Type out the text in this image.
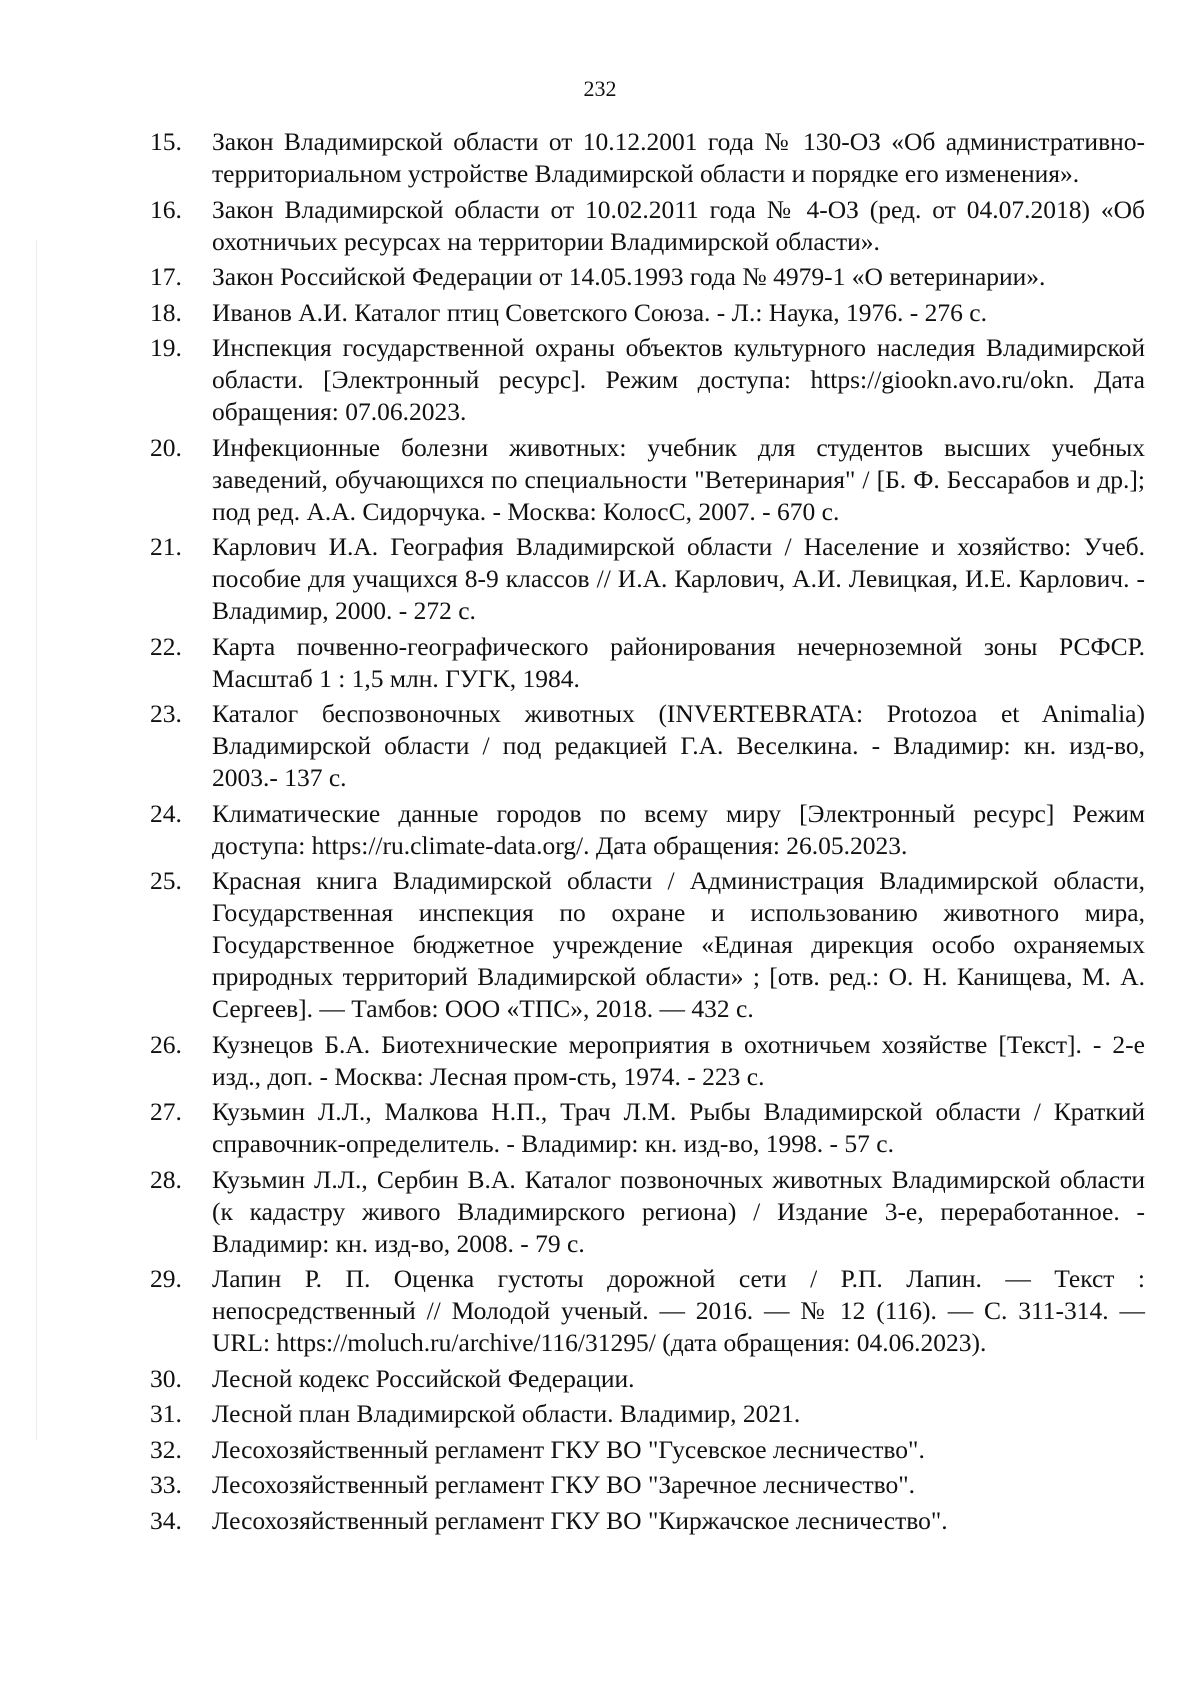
232
15.	Закон Владимирской области от 10.12.2001 года № 130-ОЗ «Об административно-территориальном устройстве Владимирской области и порядке его изменения».
16.	Закон Владимирской области от 10.02.2011 года № 4-ОЗ (ред. от 04.07.2018) «Об охотничьих ресурсах на территории Владимирской области».
17.	Закон Российской Федерации от 14.05.1993 года № 4979-1 «О ветеринарии».
18.	Иванов А.И. Каталог птиц Советского Союза. - Л.: Наука, 1976. - 276 с.
19.	Инспекция государственной охраны объектов культурного наследия Владимирской области. [Электронный ресурс]. Режим доступа: https://giookn.avo.ru/okn. Дата обращения: 07.06.2023.
20.	Инфекционные болезни животных: учебник для студентов высших учебных заведений, обучающихся по специальности "Ветеринария" / [Б. Ф. Бессарабов и др.]; под ред. А.А. Сидорчука. - Москва: КолосС, 2007. - 670 с.
21.	Карлович И.А. География Владимирской области / Население и хозяйство: Учеб. пособие для учащихся 8-9 классов // И.А. Карлович, А.И. Левицкая, И.Е. Карлович. - Владимир, 2000. - 272 с.
22.	Карта почвенно-географического районирования нечерноземной зоны РСФСР. Масштаб 1 : 1,5 млн. ГУГК, 1984.
23.	Каталог беспозвоночных животных (INVERTEBRATA: Protozoa et Animalia) Владимирской области / под редакцией Г.А. Веселкина. - Владимир: кн. изд-во, 2003.- 137 с.
24.	Климатические данные городов по всему миру [Электронный ресурс] Режим доступа: https://ru.climate-data.org/. Дата обращения: 26.05.2023.
25.	Красная книга Владимирской области / Администрация Владимирской области, Государственная инспекция по охране и использованию животного мира, Государственное бюджетное учреждение «Единая дирекция особо охраняемых природных территорий Владимирской области» ; [отв. ред.: О. Н. Канищева, М. А. Сергеев]. — Тамбов: ООО «ТПС», 2018. — 432 с.
26.	Кузнецов Б.А. Биотехнические мероприятия в охотничьем хозяйстве [Текст]. - 2-е изд., доп. - Москва: Лесная пром-сть, 1974. - 223 с.
27.	Кузьмин Л.Л., Малкова Н.П., Трач Л.М. Рыбы Владимирской области / Краткий справочник-определитель. - Владимир: кн. изд-во, 1998. - 57 с.
28.	Кузьмин Л.Л., Сербин В.А. Каталог позвоночных животных Владимирской области (к кадастру живого Владимирского региона) / Издание 3-е, переработанное. - Владимир: кн. изд-во, 2008. - 79 с.
29.	Лапин Р. П. Оценка густоты дорожной сети / Р.П. Лапин. — Текст : непосредственный // Молодой ученый. — 2016. — № 12 (116). — С. 311-314. — URL: https://moluch.ru/archive/116/31295/ (дата обращения: 04.06.2023).
30.	Лесной кодекс Российской Федерации.
31.	Лесной план Владимирской области. Владимир, 2021.
32.	Лесохозяйственный регламент ГКУ ВО "Гусевское лесничество".
33.	Лесохозяйственный регламент ГКУ ВО "Заречное лесничество".
34.	Лесохозяйственный регламент ГКУ ВО "Киржачское лесничество".
